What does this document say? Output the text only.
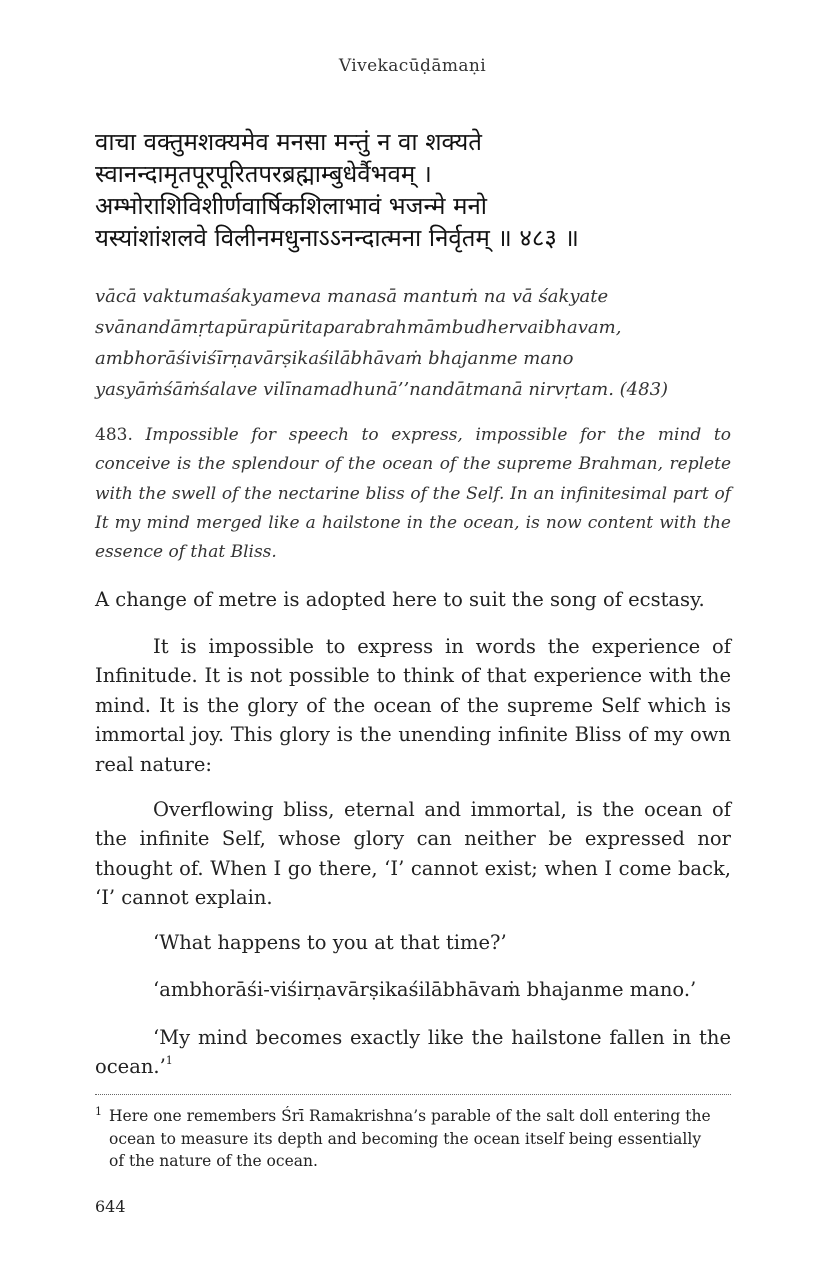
Vivekacūḍāmaṇi
वाचा वक्तुमशक्यमेव मनसा मन्तुं न वा शक्यते
स्वानन्दामृतपूरपूरितपरब्रह्माम्बुधेर्वैभवम् ।
अम्भोराशिविशीर्णवार्षिकशिलाभावं भजन्मे मनो
यस्यांशांशलवे विलीनमधुनाऽऽनन्दात्मना निर्वृतम् ॥ ४८३ ॥
vācā vaktumaśakyameva manasā mantuṁ na vā śakyate
svānandāmṛtapūrapūritaparabrahmāmbudhervaibhavam,
ambhorāśiviśīrṇavārṣikaśilābhāvaṁ bhajanme mano
yasyāṁśāṁśalave vilīnamadhunā’’nandātmanā nirvṛtam. (483)
483. Impossible for speech to express, impossible for the mind to conceive is the splendour of the ocean of the supreme Brahman, replete with the swell of the nectarine bliss of the Self. In an infinitesimal part of It my mind merged like a hailstone in the ocean, is now content with the essence of that Bliss.
A change of metre is adopted here to suit the song of ecstasy.
It is impossible to express in words the experience of Infinitude. It is not possible to think of that experience with the mind. It is the glory of the ocean of the supreme Self which is immortal joy. This glory is the unending infinite Bliss of my own real nature:
Overflowing bliss, eternal and immortal, is the ocean of the infinite Self, whose glory can neither be expressed nor thought of. When I go there, ‘I’ cannot exist; when I come back, ‘I’ cannot explain.
‘What happens to you at that time?’
‘ambhorāśi-viśirṇavārṣikaśilābhāvaṁ bhajanme mano.’
‘My mind becomes exactly like the hailstone fallen in the ocean.’$^1$
1 Here one remembers Śrī Ramakrishna’s parable of the salt doll entering the
ocean to measure its depth and becoming the ocean itself being essentially
of the nature of the ocean.
644
